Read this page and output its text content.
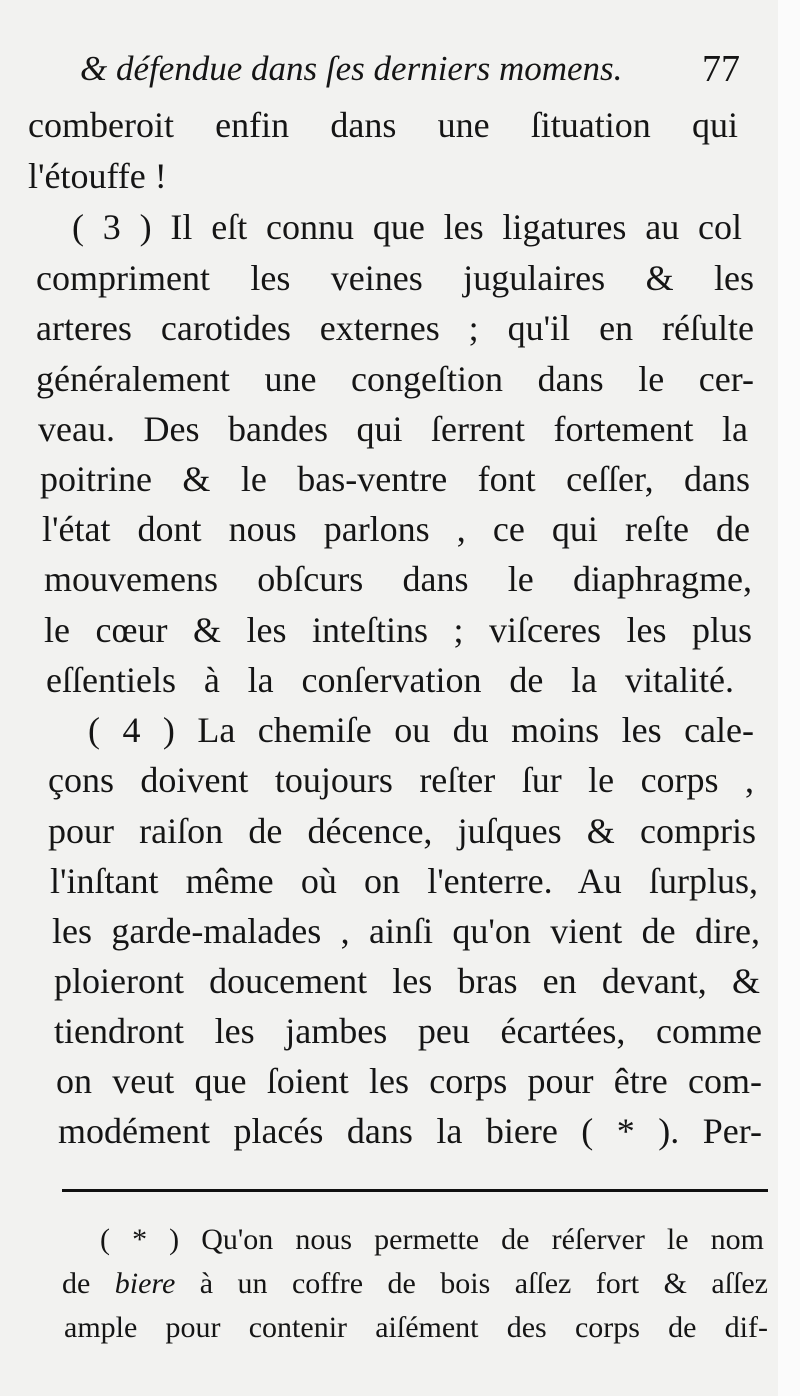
& défendue dans ſes derniers momens. 77
comberoit enfin dans une ſituation qui
l'étouffe !
( 3 ) Il eſt connu que les ligatures au col
compriment les veines jugulaires & les
arteres carotides externes ; qu'il en réſulte
généralement une congeſtion dans le cer-
veau. Des bandes qui ſerrent fortement la
poitrine & le bas-ventre font ceſſer, dans
l'état dont nous parlons , ce qui reſte de
mouvemens obſcurs dans le diaphragme,
le cœur & les inteſtins ; viſceres les plus
eſſentiels à la conſervation de la vitalité.
( 4 ) La chemiſe ou du moins les cale-
çons doivent toujours reſter ſur le corps ,
pour raiſon de décence, juſques & compris
l'inſtant même où on l'enterre. Au ſurplus,
les garde-malades , ainſi qu'on vient de dire,
ploieront doucement les bras en devant, &
tiendront les jambes peu écartées, comme
on veut que ſoient les corps pour être com-
modément placés dans la biere ( * ). Per-
( * ) Qu'on nous permette de réſerver le nom
de biere à un coffre de bois aſſez fort & aſſez
ample pour contenir aiſément des corps de dif-
